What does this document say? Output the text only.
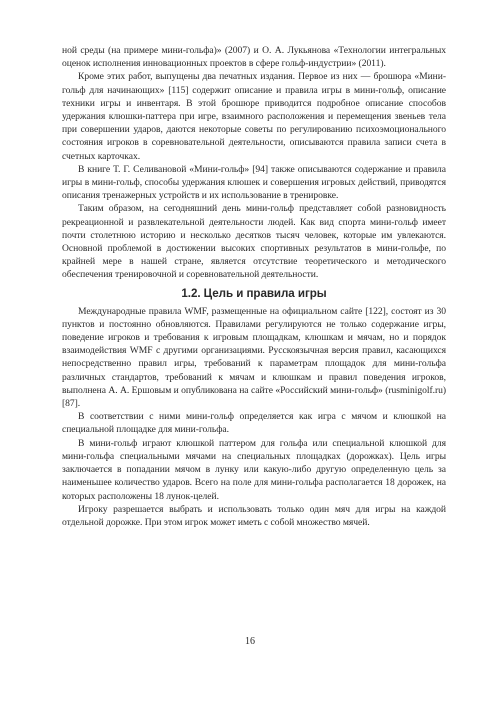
ной среды (на примере мини-гольфа)» (2007) и О. А. Лукьянова «Технологии интегральных оценок исполнения инновационных проектов в сфере гольф-индустрии» (2011).

Кроме этих работ, выпущены два печатных издания. Первое из них — брошюра «Мини-гольф для начинающих» [115] содержит описание и правила игры в мини-гольф, описание техники игры и инвентаря. В этой брошюре приводится подробное описание способов удержания клюшки-паттера при игре, взаимного расположения и перемещения звеньев тела при совершении ударов, даются некоторые советы по регулированию психоэмоционального состояния игроков в соревновательной деятельности, описываются правила записи счета в счетных карточках.

В книге Т. Г. Селивановой «Мини-гольф» [94] также описываются содержание и правила игры в мини-гольф, способы удержания клюшек и совершения игровых действий, приводятся описания тренажерных устройств и их использование в тренировке.

Таким образом, на сегодняшний день мини-гольф представляет собой разновидность рекреационной и развлекательной деятельности людей. Как вид спорта мини-гольф имеет почти столетнюю историю и несколько десятков тысяч человек, которые им увлекаются. Основной проблемой в достижении высоких спортивных результатов в мини-гольфе, по крайней мере в нашей стране, является отсутствие теоретического и методического обеспечения тренировочной и соревновательной деятельности.

1.2. Цель и правила игры

Международные правила WMF, размещенные на официальном сайте [122], состоят из 30 пунктов и постоянно обновляются. Правилами регулируются не только содержание игры, поведение игроков и требования к игровым площадкам, клюшкам и мячам, но и порядок взаимодействия WMF с другими организациями. Русскоязычная версия правил, касающихся непосредственно правил игры, требований к параметрам площадок для мини-гольфа различных стандартов, требований к мячам и клюшкам и правил поведения игроков, выполнена А. А. Ершовым и опубликована на сайте «Российский мини-гольф» (rusminigolf.ru) [87].

В соответствии с ними мини-гольф определяется как игра с мячом и клюшкой на специальной площадке для мини-гольфа.

В мини-гольф играют клюшкой паттером для гольфа или специальной клюшкой для мини-гольфа специальными мячами на специальных площадках (дорожках). Цель игры заключается в попадании мячом в лунку или какую-либо другую определенную цель за наименьшее количество ударов. Всего на поле для мини-гольфа располагается 18 дорожек, на которых расположены 18 лунок-целей.

Игроку разрешается выбрать и использовать только один мяч для игры на каждой отдельной дорожке. При этом игрок может иметь с собой множество мячей.

16
